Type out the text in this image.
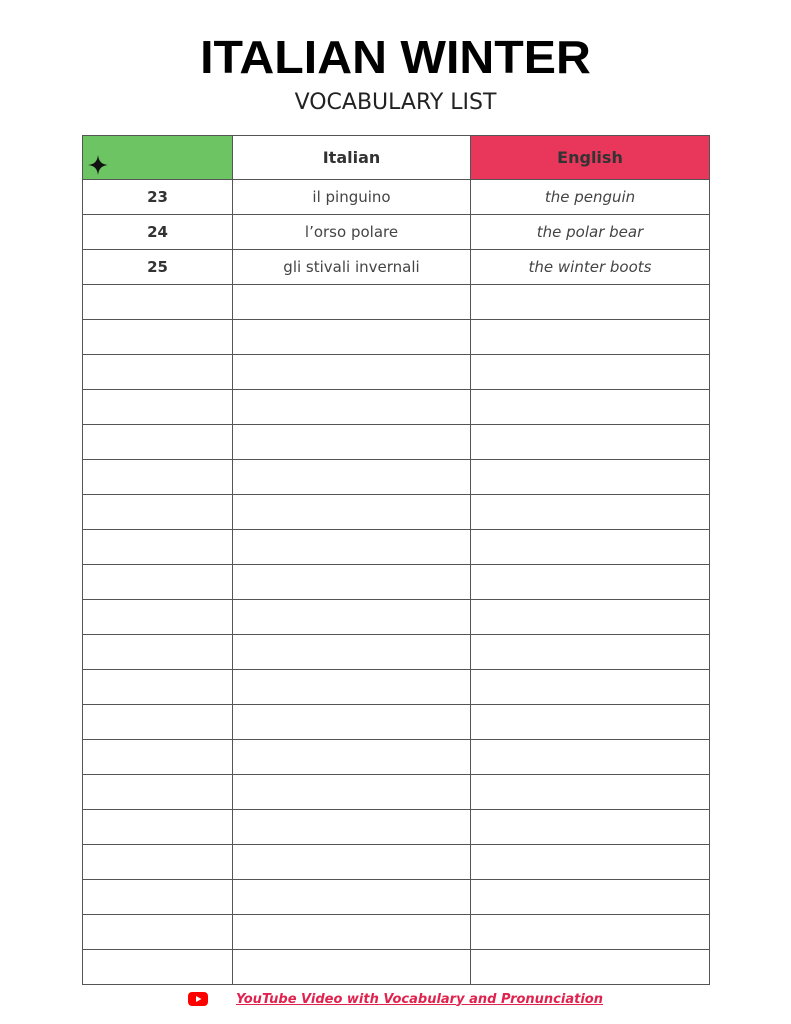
ITALIAN WINTER
VOCABULARY LIST
	Italian	English
23	il pinguino	the penguin
24	l’orso polare	the polar bear
25	gli stivali invernali	the winter boots

YouTube Video with Vocabulary and Pronunciation
